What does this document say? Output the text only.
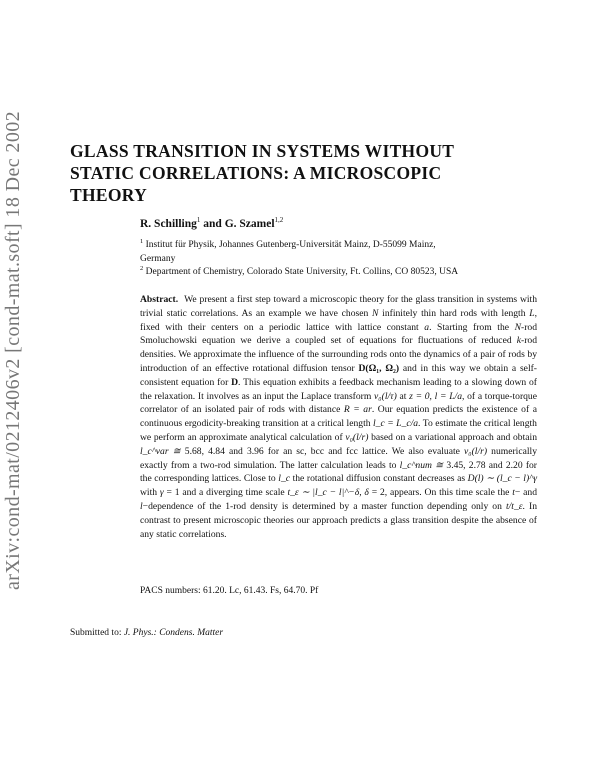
arXiv:cond-mat/0212406v2 [cond-mat.soft] 18 Dec 2002	GLASS TRANSITION IN SYSTEMS WITHOUT
STATIC CORRELATIONS: A MICROSCOPIC
THEORY
R. Schilling$^1$ and G. Szamel$^{1,2}$
$^1$ Institut für Physik, Johannes Gutenberg-Universität Mainz, D-55099 Mainz,
Germany
$^2$ Department of Chemistry, Colorado State University, Ft. Collins, CO 80523, USA

Abstract. We present a first step toward a microscopic theory for the glass transition in systems with trivial static correlations. As an example we have chosen N infinitely thin hard rods with length L, fixed with their centers on a periodic lattice with lattice constant a. Starting from the N-rod Smoluchowski equation we derive a coupled set of equations for fluctuations of reduced k-rod densities. We approximate the influence of the surrounding rods onto the dynamics of a pair of rods by introduction of an effective rotational diffusion tensor D(Ω₁, Ω₂) and in this way we obtain a self-consistent equation for D. This equation exhibits a feedback mechanism leading to a slowing down of the relaxation. It involves as an input the Laplace transform v₀(l/τ) at z = 0, l = L/a, of a torque-torque correlator of an isolated pair of rods with distance R = ar. Our equation predicts the existence of a continuous ergodicity-breaking transition at a critical length l_c = L_c/a. To estimate the critical length we perform an approximate analytical calculation of v₀(l/r) based on a variational approach and obtain l_c^var ≅ 5.68, 4.84 and 3.96 for an sc, bcc and fcc lattice. We also evaluate v₀(l/r) numerically exactly from a two-rod simulation. The latter calculation leads to l_c^num ≅ 3.45, 2.78 and 2.20 for the corresponding lattices. Close to l_c the rotational diffusion constant decreases as D(l) ∼ (l_c − l)^γ with γ = 1 and a diverging time scale t_ε ∼ |l_c − l|^−δ, δ = 2, appears. On this time scale the t− and l−dependence of the 1-rod density is determined by a master function depending only on t/t_ε. In contrast to present microscopic theories our approach predicts a glass transition despite the absence of any static correlations.

PACS numbers: 61.20. Lc, 61.43. Fs, 64.70. Pf
Submitted to: J. Phys.: Condens. Matter
